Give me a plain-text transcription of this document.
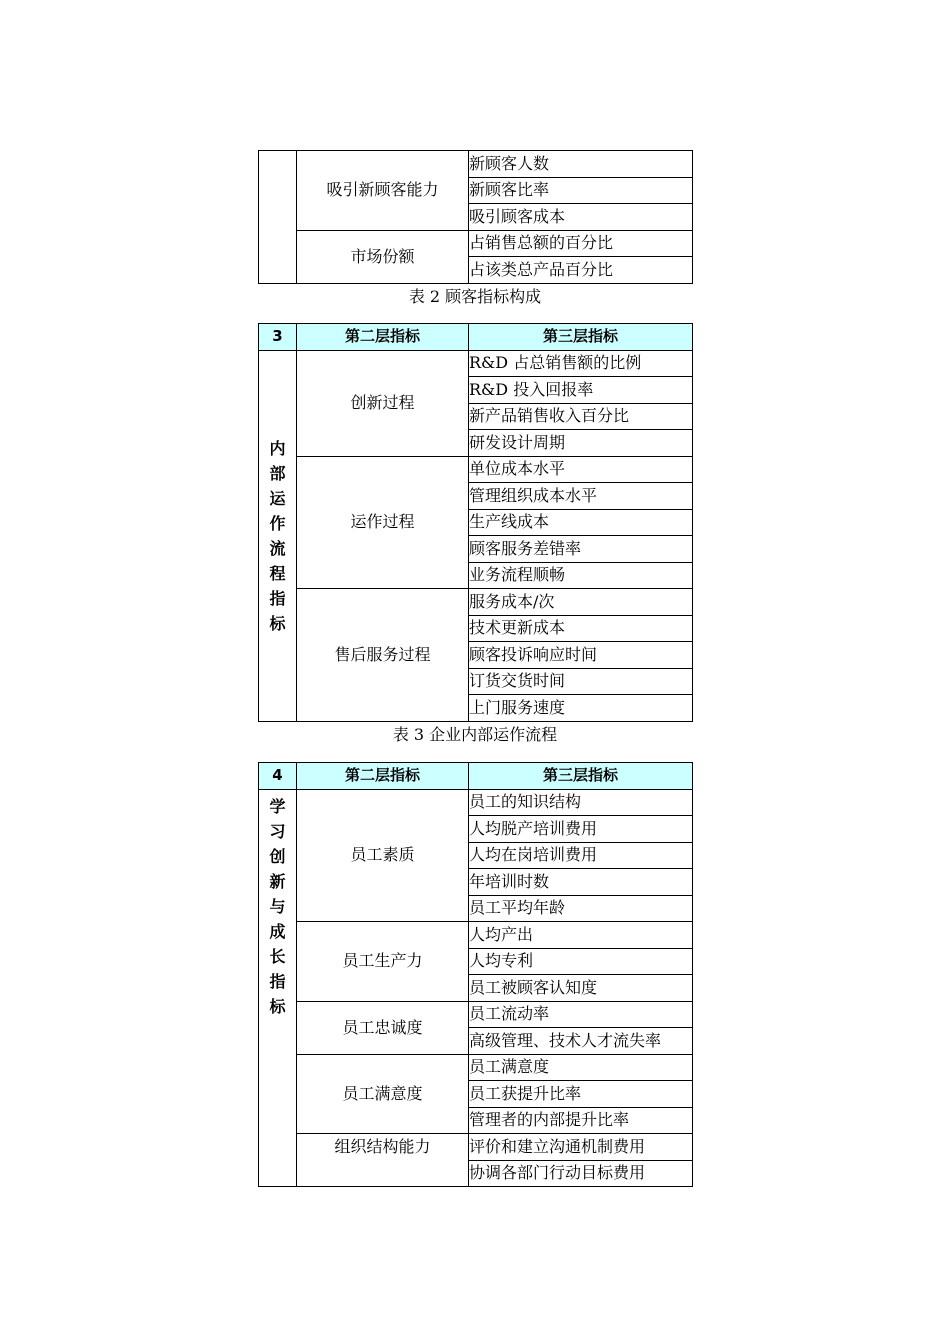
	吸引新顾客能力	新顾客人数
		新顾客比率
		吸引顾客成本
	市场份额	占销售总额的百分比
		占该类总产品百分比
表 2 顾客指标构成
3	第二层指标	第三层指标
内部运作流程指标	创新过程	R&D 占总销售额的比例
		R&D 投入回报率
		新产品销售收入百分比
		研发设计周期
	运作过程	单位成本水平
		管理组织成本水平
		生产线成本
		顾客服务差错率
		业务流程顺畅
	售后服务过程	服务成本/次
		技术更新成本
		顾客投诉响应时间
		订货交货时间
		上门服务速度
表 3 企业内部运作流程
4	第二层指标	第三层指标
学习创新与成长指标	员工素质	员工的知识结构
		人均脱产培训费用
		人均在岗培训费用
		年培训时数
		员工平均年龄
	员工生产力	人均产出
		人均专利
		员工被顾客认知度
	员工忠诚度	员工流动率
		高级管理、技术人才流失率
	员工满意度	员工满意度
		员工获提升比率
		管理者的内部提升比率
	组织结构能力	评价和建立沟通机制费用
		协调各部门行动目标费用
